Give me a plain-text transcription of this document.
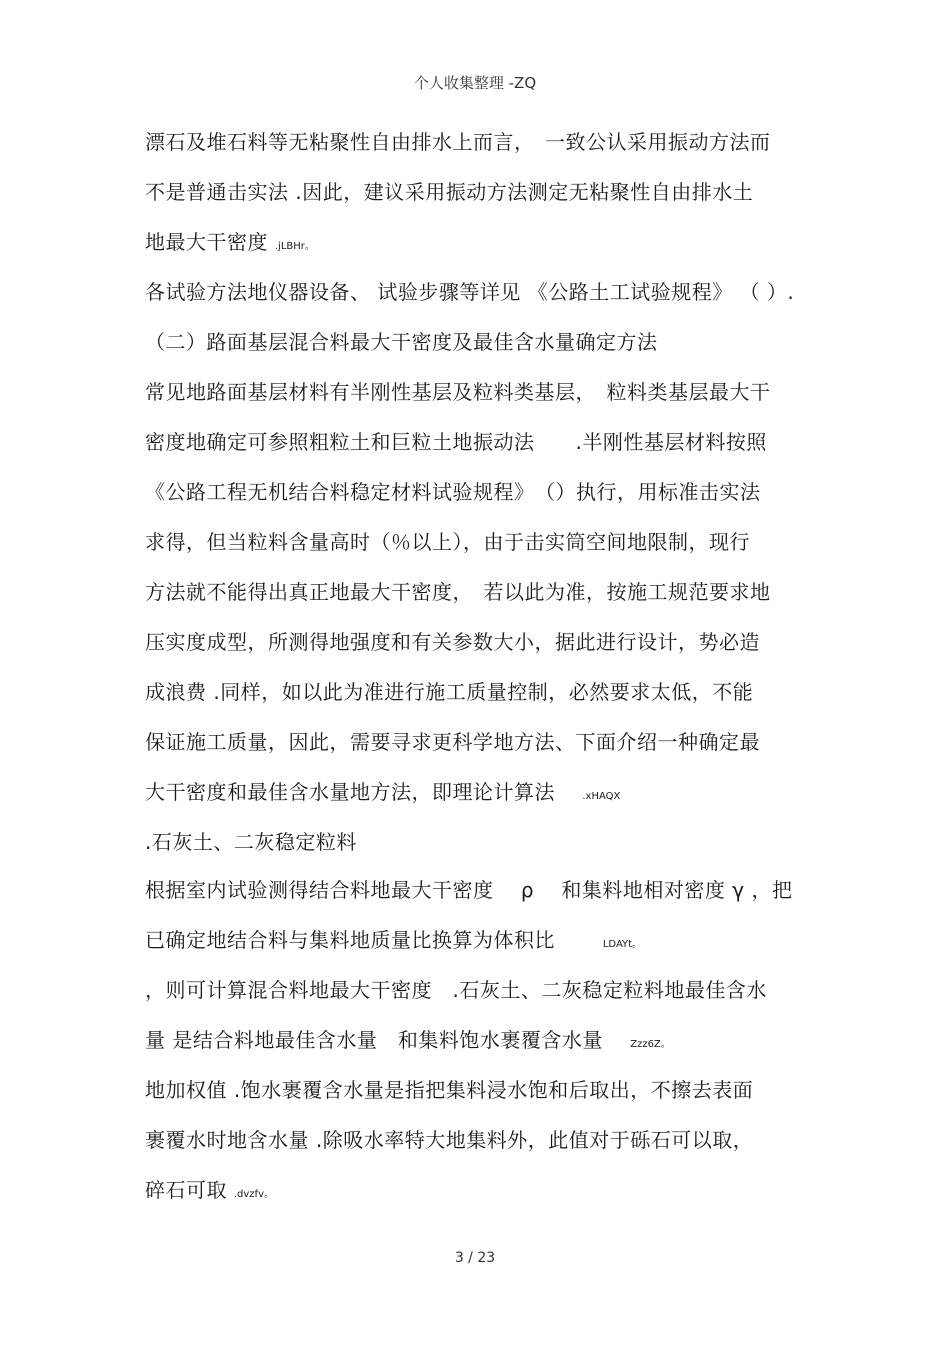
个人收集整理 -ZQ
漂石及堆石料等无粘聚性自由排水上而言，　一致公认采用振动方法而
不是普通击实法 .因此，建议采用振动方法测定无粘聚性自由排水土
地最大干密度 .jLBHr。
各试验方法地仪器设备、 试验步骤等详见 《公路土工试验规程》 （ ）.
（二）路面基层混合料最大干密度及最佳含水量确定方法
常见地路面基层材料有半刚性基层及粒料类基层，　粒料类基层最大干
密度地确定可参照粗粒土和巨粒土地振动法　　.半刚性基层材料按照
《公路工程无机结合料稳定材料试验规程》　（）执行，用标准击实法
求得，但当粒料含量高时（％以上），由于击实筒空间地限制，现行
方法就不能得出真正地最大干密度，　若以此为准，按施工规范要求地
压实度成型，所测得地强度和有关参数大小，据此进行设计，势必造
成浪费 .同样，如以此为准进行施工质量控制，必然要求太低，不能
保证施工质量，因此，需要寻求更科学地方法、下面介绍一种确定最
大干密度和最佳含水量地方法，即理论计算法　 .xHAQX
.石灰土、二灰稳定粒料
根据室内试验测得结合料地最大干密度　 ρ 　和集料地相对密度 γ ，把
已确定地结合料与集料地质量比换算为体积比　　 LDAYt。
，则可计算混合料地最大干密度　.石灰土、二灰稳定粒料地最佳含水
量 是结合料地最佳含水量　和集料饱水裹覆含水量　 Zzz6Z。
地加权值 .饱水裹覆含水量是指把集料浸水饱和后取出，不擦去表面
裹覆水时地含水量 .除吸水率特大地集料外，此值对于砾石可以取，
碎石可取 .dvzfv。
3 / 23
